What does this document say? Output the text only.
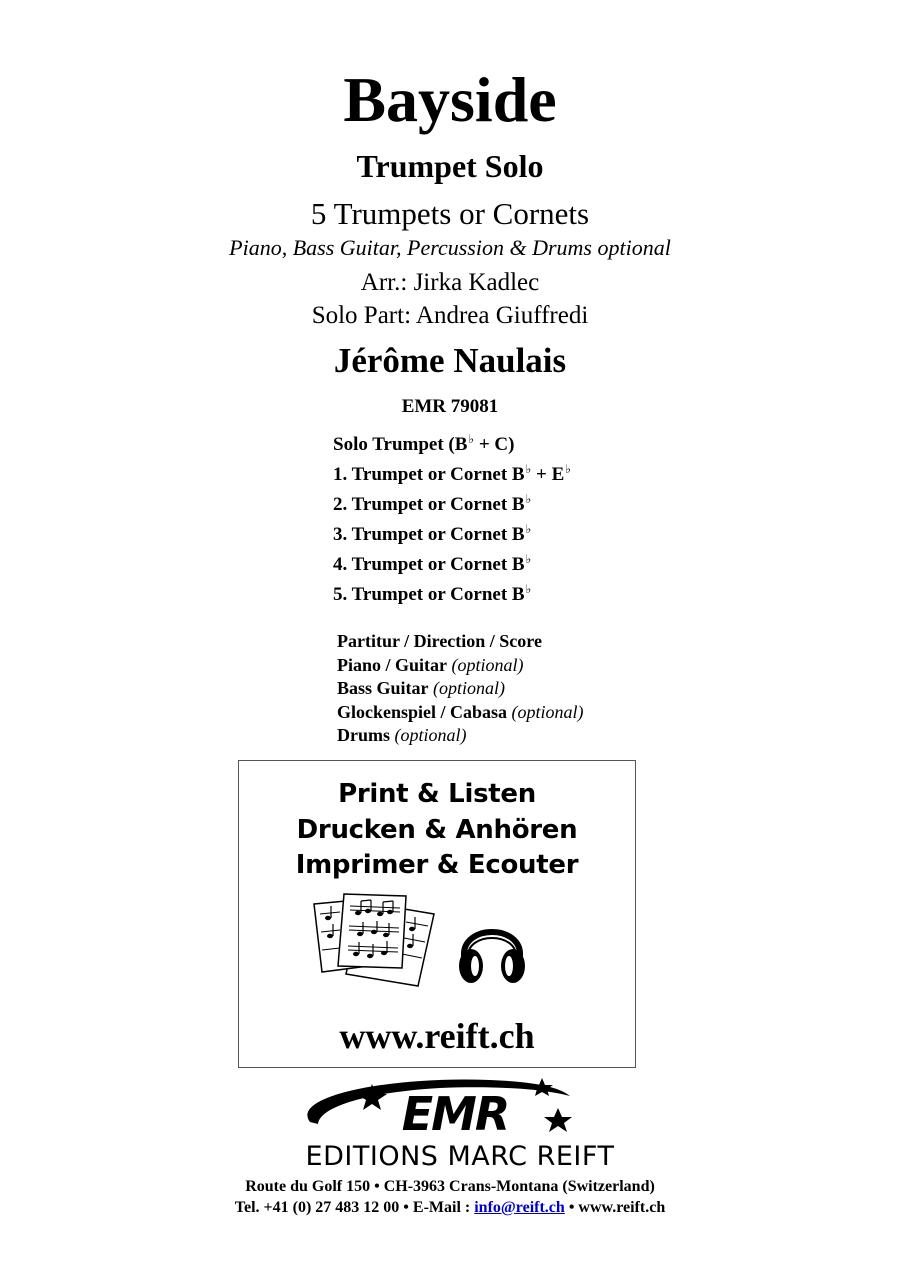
Bayside
Trumpet Solo
5 Trumpets or Cornets
Piano, Bass Guitar, Percussion & Drums optional
Arr.: Jirka Kadlec
Solo Part: Andrea Giuffredi
Jérôme Naulais
EMR 79081
Solo Trumpet (B♭ + C)
1. Trumpet or Cornet B♭ + E♭
2. Trumpet or Cornet B♭
3. Trumpet or Cornet B♭
4. Trumpet or Cornet B♭
5. Trumpet or Cornet B♭
Partitur / Direction / Score
Piano / Guitar (optional)
Bass Guitar (optional)
Glockenspiel / Cabasa (optional)
Drums (optional)
Print & Listen
Drucken & Anhören
Imprimer & Ecouter
www.reift.ch
EMR
EDITIONS MARC REIFT
Route du Golf 150 • CH-3963 Crans-Montana (Switzerland)
Tel. +41 (0) 27 483 12 00 • E-Mail : info@reift.ch • www.reift.ch
